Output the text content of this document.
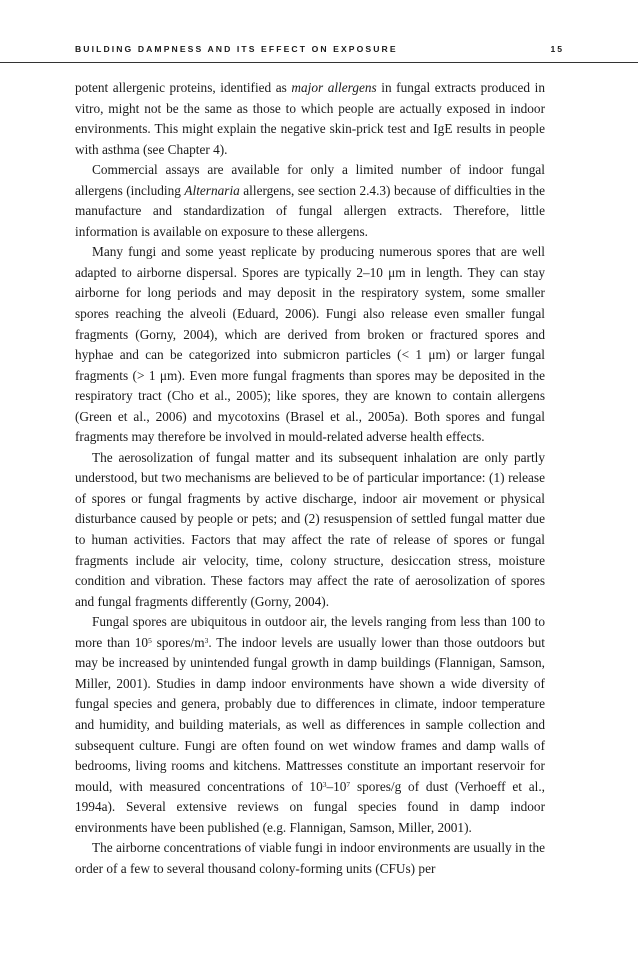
BUILDING DAMPNESS AND ITS EFFECT ON EXPOSURE	15

potent allergenic proteins, identified as major allergens in fungal extracts produced in vitro, might not be the same as those to which people are actually exposed in indoor environments. This might explain the negative skin-prick test and IgE results in people with asthma (see Chapter 4).

Commercial assays are available for only a limited number of indoor fungal allergens (including Alternaria allergens, see section 2.4.3) because of difficulties in the manufacture and standardization of fungal allergen extracts. Therefore, little information is available on exposure to these allergens.

Many fungi and some yeast replicate by producing numerous spores that are well adapted to airborne dispersal. Spores are typically 2–10 μm in length. They can stay airborne for long periods and may deposit in the respiratory system, some smaller spores reaching the alveoli (Eduard, 2006). Fungi also release even smaller fungal fragments (Gorny, 2004), which are derived from broken or fractured spores and hyphae and can be categorized into submicron particles (< 1 μm) or larger fungal fragments (> 1 μm). Even more fungal fragments than spores may be deposited in the respiratory tract (Cho et al., 2005); like spores, they are known to contain allergens (Green et al., 2006) and mycotoxins (Brasel et al., 2005a). Both spores and fungal fragments may therefore be involved in mould-related adverse health effects.

The aerosolization of fungal matter and its subsequent inhalation are only partly understood, but two mechanisms are believed to be of particular importance: (1) release of spores or fungal fragments by active discharge, indoor air movement or physical disturbance caused by people or pets; and (2) resuspension of settled fungal matter due to human activities. Factors that may affect the rate of release of spores or fungal fragments include air velocity, time, colony structure, desiccation stress, moisture condition and vibration. These factors may affect the rate of aerosolization of spores and fungal fragments differently (Gorny, 2004).

Fungal spores are ubiquitous in outdoor air, the levels ranging from less than 100 to more than $10^5$ spores/$m^3$. The indoor levels are usually lower than those outdoors but may be increased by unintended fungal growth in damp buildings (Flannigan, Samson, Miller, 2001). Studies in damp indoor environments have shown a wide diversity of fungal species and genera, probably due to differences in climate, indoor temperature and humidity, and building materials, as well as differences in sample collection and subsequent culture. Fungi are often found on wet window frames and damp walls of bedrooms, living rooms and kitchens. Mattresses constitute an important reservoir for mould, with measured concentrations of $10^3-10^7$ spores/g of dust (Verhoeff et al., 1994a). Several extensive reviews on fungal species found in damp indoor environments have been published (e.g. Flannigan, Samson, Miller, 2001).

The airborne concentrations of viable fungi in indoor environments are usually in the order of a few to several thousand colony-forming units (CFUs) per
